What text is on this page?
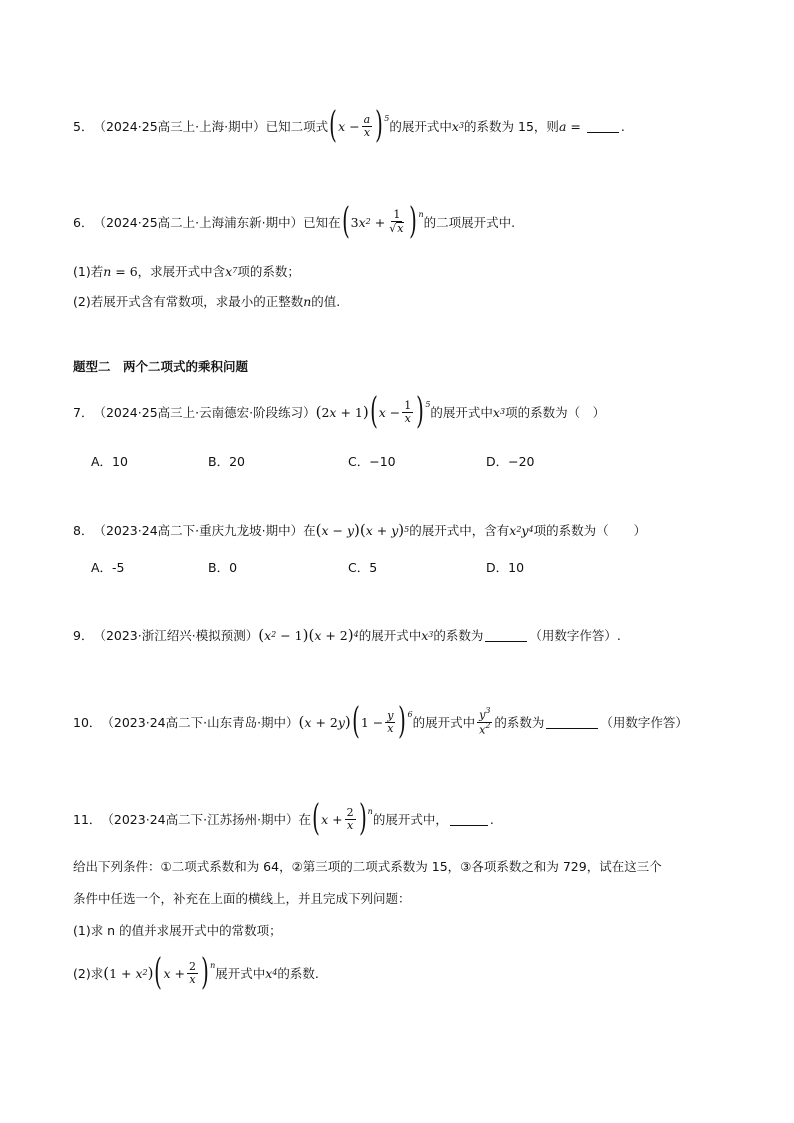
5． （2024·25高三上·上海·期中） 已知二项式 ( $x - \frac{a}{x}$ ) 5
的展开式中 x 3 的系数为 15，则 a =	.
6． （2024·25高二上·上海浦东新·期中） 已知在 ( 3 x $2 + \frac{1}{√ x}$ ) n
的二项展开式中.
(1)若 n = 6 ，求展开式中含 x 7 项的系数；
(2)若展开式含有常数项，求最小的正整数 n 的值.
题型二　两个二项式的乘积问题
7． （2024·25高三上·云南德宏·阶段练习） ( 2 x + 1 ) ( $x - \frac{1}{x}$ ) 5
的展开式中 x 3 项的系数为（　）
A．10	B．20	C．−10	D．−20
8． （2023·24高二下·重庆九龙坡·期中） 在 ( x − y ) ( x + y ) 5 的展开式中，含有 x 2 y 4 项的系数为（　　）
A．-5	B．0	C．5	D．10
9． （2023·浙江绍兴·模拟预测） ( x 2 − 1 ) ( x + 2 ) 4 的展开式中 x 3 的系数为	（用数字作答）.
10． （2023·24高二下·山东青岛·期中） ( x + 2 y ) ( $1 - \frac{y}{x}$ ) 6
的展开式中 $\frac{y^3}{x^2}$ 的系数为	（用数字作答）
11． （2023·24高二下·江苏扬州·期中） 在 ( $x + \frac{2}{x}$ ) n
的展开式中，	.
给出下列条件：①二项式系数和为 64，②第三项的二项式系数为 15，③各项系数之和为 729，试在这三个
条件中任选一个，补充在上面的横线上，并且完成下列问题：
(1)求 n 的值并求展开式中的常数项；
(2)求 ( 1 + x 2 ) ( $x + \frac{2}{x}$ ) n
展开式中 x 4 的系数.
